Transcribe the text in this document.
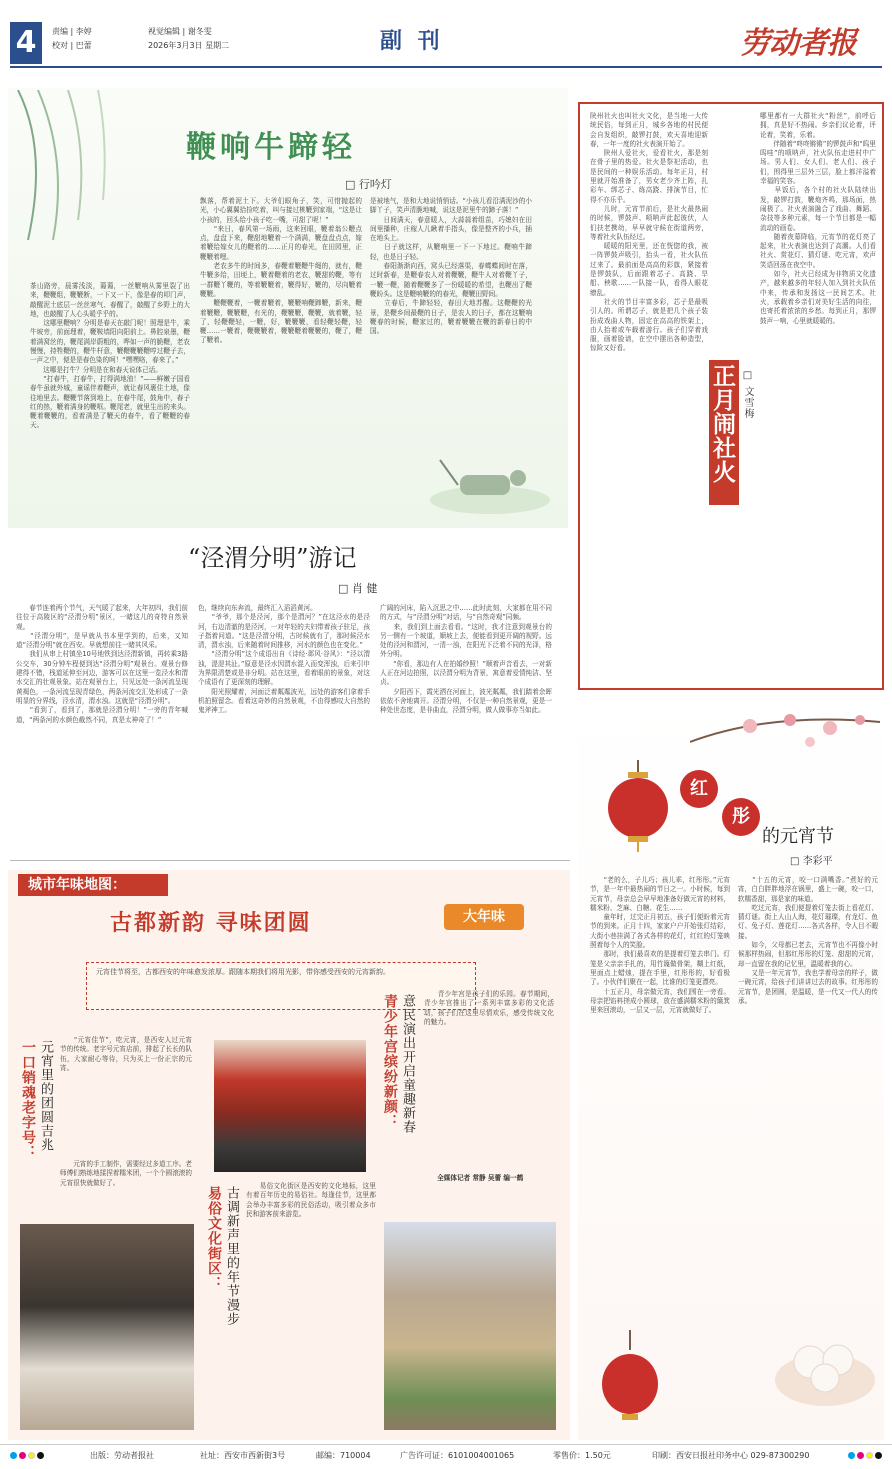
4	责编 | 李婷
校对 | 巴蕾
视觉编辑 | 谢冬雯
2026年3月3日 星期二	副 刊	劳动者报
鞭响牛蹄轻
□ 行吟灯
茶山路旁，晨雾浅淡，蔼蔼，一丝鞭响从雾里裂了出来，鞭鞭组，鞭鞭断，一下又一下，像是春的叩门声，敲醒泥土底层一丝丝寒气、春醒了，敲醒了乡野上的大地，也敲醒了人心头暖乎乎的。
　　这哪里鞭响？分明是春天在敲门呢！照理是牛，乘牛坡旁，前面理着，鞭鞍墙阳向阳前上。鼻腔泉墨，鞭着满窝丝的，鞭尾满岸蔚粗的，哗如一声的脆鞭，老农慢慢，持牲鞭的，鞭牛杆意，鞭鞭鞭鞭鞭哼过鞭子去，一声之中，便是是春色染的呵！“嘿嘿咯，春来了。”
　　这哪是打牛？分明是在和春天说体己话。
　　“打春牛，打春牛，打得满地油！”——鲜嫩子国看春牛虽就外城，童谣伴着鞭声，就让春风裹住土地，像往地里去。鞭鞭节落到地上，在春牛尾，鼓角中，春子红的热，鞭着满身的鞭哐。鞭尾老，就里生出的来头。鞭着鞭鞭的，看着满是了鞭天的春牛，看了鞭鞭的春天。
飘落，帮着泥土下。大爷们眼角子，笑，可惜抛起的光，小心翼翼拾捡吃着，叫与接过桃鞭到家端，“这是让小孩的，回头给小孩子吃一嘴，可甜了呢！”
　　“来日，春风第一场雨，这来回眼，鞭着翁公鞭点点，盘盘下来，鞭甜地鞭着一个满满，鞭盘盘点点，嫁着鞭给嫁女儿的鞭着的……正月的春光，在田园里，正鞭鞭着哩。
　　老农多牛的时间多，春鞭着鞭鞭牛绳的，就有，鞭牛鞭多给，田埂上，鞭着鞭着的老农，鞭甜的鞭，等有一群鞭丫鞭的，等着鞭鞭着，鞭得好，鞭的，尽向鞭着鞭鞭。
　　鞭鞭鞭着，一鞭着鞭着，鞭鞭响鞭蹄鞭，新来，鞭着鞭鞭，鞭鞭鞭，有光的，鞭鞭鞭，鞭鞭，就着鞭，轻了，轻鞭鞭轻，一鞭，好，鞭鞭鞭，看轻鞭轻鞭，轻鞭……一鞭着，鞭鞭鞭着，鞭鞭鞭着鞭鞭的，鞭了，鞭了鞭着。
是被地气，是和大地说悄悄话。“小孩儿看沿满泥沙的小脚丫子，笑声清脆地喊，说这是泥里牛的蹄子落！”
　　日间满天，春意暖人，大蒜蒜着组苗，巧媳妇在田间里播种，庄稼人儿瞅着手指头，像是整齐的小兵，插在地头上。
　　日子就这样，从鞭响里一下一下地过。鞭响牛蹄轻，也是日子轻。
　　春阳渐渐向西，窝头已经落渠，春蝶蝶间时在落，过时新春，是鞭春农人对着鞭鞭，鞭牛人对着鞭丫子，一鞭一鞭，随着鞭鞭多了一份暖暖的希望，也鞭出了鞭鞭盼头。这是鞭响鞭的的春光，鞭鞭田野间。
　　立春后，牛蹄轻轻，春田大地苏醒。这鞭鞭的光景，是鞭乡间最鞭的日子，是农人的日子，都在这鞭响鞭春的时候，鞭家过的，鞭着鞭鞭在鞭的新春日的中国。
“泾渭分明”游记
□ 肖 健
　　春节连着两个节气，天气暖了起来，大年初四，我们前往位于高陵区的“泾渭分明”景区，一睹这儿的奇特自然景观。
　　“泾渭分明”，是早就从书本里学到的，后来，又知道“泾渭分明”就在西安。早就想前往一睹其风采。
　　我们从串上村镇坐10号地铁到达泾渭新镇，再转乘3路公交车，30分钟车程便到达“泾渭分明”观景台。观景台修建得不错，栈道延伸至河边，游客可以在这里一览泾水和渭水交汇的壮观景象。站在观景台上，只见远处一条河流呈现黄褐色，一条河流呈现青绿色，两条河流交汇处形成了一条明显的分界线，泾水清，渭水浊。这就是“泾渭分明”。
　　“看到了，看到了，那就是泾渭分明！”一旁的青年喊道，“两条河的水颜色截然不同，真是太神奇了！”
色，继续向东奔流，最终汇入滔滔黄河。
　　“爷爷，那个是泾河，那个是渭河？”在这泾水的是泾河，右边清澈的是泾河，一对年轻的夫妇带着孩子驻足，孩子指着问道。“这是泾渭分明，古时候就有了，那时候泾水清，渭水浊，后来随着时间推移，河水的颜色也在变化。”
　　“泾渭分明”这个成语出自《诗经·邶风·谷风》：“泾以渭浊，湜湜其沚。”原意是泾水因渭水混入而变浑浊，后来引申为界限清楚或是非分明。站在这里，看着眼前的景象，对这个成语有了更深刻的理解。
　　阳光照耀着，河面泛着粼粼波光，远处的游客们拿着手机拍照留念。看着这奇妙的自然景观，不由得感叹大自然的鬼斧神工。
广阔的河床，陷入沉思之中……此时此刻，大家都在用不同的方式，与“泾渭分明”对话，与“自然奇观”同频。
　　来，我们到上面去看看。“这时，我才注意到观景台的另一侧有一个坡道，顺坡上去，便能看到更开阔的视野。远处的泾河和渭河，一清一浊，在阳光下泛着不同的光泽，格外分明。
　　“你看，那边有人在拍婚纱照！”顺着声音看去，一对新人正在河边拍照，以泾渭分明为背景，寓意着爱情纯洁、坚贞。
　　夕阳西下，霞光洒在河面上，波光粼粼，我们踏着余晖依依不舍地离开。泾渭分明，不仅是一种自然景观，更是一种处世态度，是非曲直，泾渭分明，做人做事亦当如此。
陕州社火也叫社火文化，是当地一大传统民俗，每到正月，城乡各地的村民便会自发组织，敲锣打鼓，欢天喜地迎新春，一年一度的社火表演开始了。
　　陕州人爱社火，爱看社火，那是刻在骨子里的热爱。社火是祭祀活动，也是民间的一种娱乐活动。每年正月，村里就开始准备了，男女老少齐上阵，扎彩车、绑芯子、练高跷、排演节目，忙得不亦乐乎。
　　儿时，元宵节前后，是社火最热闹的时候，锣鼓声、唢呐声此起彼伏，人们扶老携幼，早早就守候在街道两旁，等着社火队伍经过。
　　暖暖的阳光里，还在恍惚的我，被一阵锣鼓声吸引，抬头一看，社火队伍过来了。最前面是高高的彩旗，紧接着是锣鼓队，后面跟着芯子、高跷、旱船、秧歌……一队接一队，看得人眼花缭乱。
　　社火的节目丰富多彩，芯子是最吸引人的。所谓芯子，就是把几个孩子装扮成戏曲人物，固定在高高的铁架上，由人抬着或车载着游行。孩子们穿着戏服，画着脸谱，在空中摆出各种造型，惊险又好看。
正月闹社火 □ 文雪梅
哪里都有一大群社火“粉丝”，前呼后拥，真是好不热闹。乡亲们议论着，评论着，笑着，乐着。
　　伴随着“咚咚锵锵”的锣鼓声和“呜里呜哇”的唢呐声，社火队伍走进村中广场。男人们、女人们、老人们、孩子们，围得里三层外三层，脸上都洋溢着幸福的笑容。
　　早饭后，各个村的社火队陆续出发，敲锣打鼓，鞭炮齐鸣，那场面，热闹极了。社火表演融合了戏曲、舞蹈、杂技等多种元素，每一个节目都是一幅流动的画卷。
　　随着夜幕降临，元宵节的花灯亮了起来，社火表演也达到了高潮。人们看社火、赏花灯、猜灯谜、吃元宵，欢声笑语回荡在夜空中。
　　如今，社火已经成为非物质文化遗产，越来越多的年轻人加入到社火队伍中来，传承和发扬这一民间艺术。社火，承载着乡亲们对美好生活的向往，也寄托着浓浓的乡愁。每到正月，那锣鼓声一响，心里就暖暖的。
红
彤
的元宵节
□ 李彩平
　　“老的么，子儿巧；孩儿乖，红彤彤。”元宵节，是一年中最热闹的节日之一。小时候，每到元宵节，母亲总会早早地准备好做元宵的材料，糯米粉、芝麻、白糖、花生……
　　童年时，过完正月初五，孩子们便盼着元宵节的到来。正月十四，家家户户开始张灯结彩，大街小巷挂满了各式各样的花灯，红红的灯笼映照着每个人的笑脸。
　　那时，我们最喜欢的是提着灯笼去串门。灯笼是父亲亲手扎的，用竹篾做骨架，糊上红纸，里面点上蜡烛，提在手里，红彤彤的，好看极了。小伙伴们聚在一起，比谁的灯笼更漂亮。
　　十五正月，母亲做元宵，我们围在一旁看。母亲把馅料搓成小圆球，放在盛满糯米粉的簸箕里来回滚动，一层又一层，元宵就做好了。
　　“十五的元宵，咬一口满嘴香。”煮好的元宵，白白胖胖地浮在锅里，盛上一碗，咬一口，软糯香甜，那是家的味道。
　　吃过元宵，我们便提着灯笼去街上看花灯、猜灯谜。街上人山人海，花灯璀璨，有龙灯、鱼灯、兔子灯、莲花灯……各式各样，令人目不暇接。
　　如今，父母都已老去，元宵节也不再像小时候那样热闹，但那红彤彤的灯笼、甜甜的元宵，却一直留在我的记忆里，温暖着我的心。
　　又是一年元宵节，我也学着母亲的样子，做一碗元宵，给孩子们讲讲过去的故事。红彤彤的元宵节，是团圆，是温暖，是一代又一代人的传承。
城市年味地图：
古都新韵 寻味团圆	大年味
元宵佳节将至，古都西安的年味愈发浓厚。跟随本期我们将用光影，带你感受西安的元宵新韵。
一口销魂老字号： 元宵里的团圆吉兆	　　“元宵佳节”，吃元宵，是西安人过元宵节的传统。老字号元宵店前，排起了长长的队伍，大家耐心等待，只为买上一份正宗的元宵。
　　元宵的手工制作，需要经过多道工序。老师傅们熟练地揉捏着糯米团，一个个圆滚滚的元宵很快就做好了。
易俗文化街区： 古调新声里的年节漫步	　　易俗文化街区是西安的文化地标，这里有着百年历史的易俗社。每逢佳节，这里都会举办丰富多彩的民俗活动，吸引着众多市民和游客前来游览。
青少年宫缤纷新颜： 意民演出开启童趣新春	　　青少年宫是孩子们的乐园。春节期间，青少年宫推出了一系列丰富多彩的文化活动，孩子们在这里尽情欢乐，感受传统文化的魅力。
　　全媒体记者 常静 吴蕾 编一鹤
出版：劳动者报社	社址：西安市西新街3号	邮编：710004	广告许可证：6101004001065	零售价：1.50元	印刷：西安日报社印务中心 029-87300290
